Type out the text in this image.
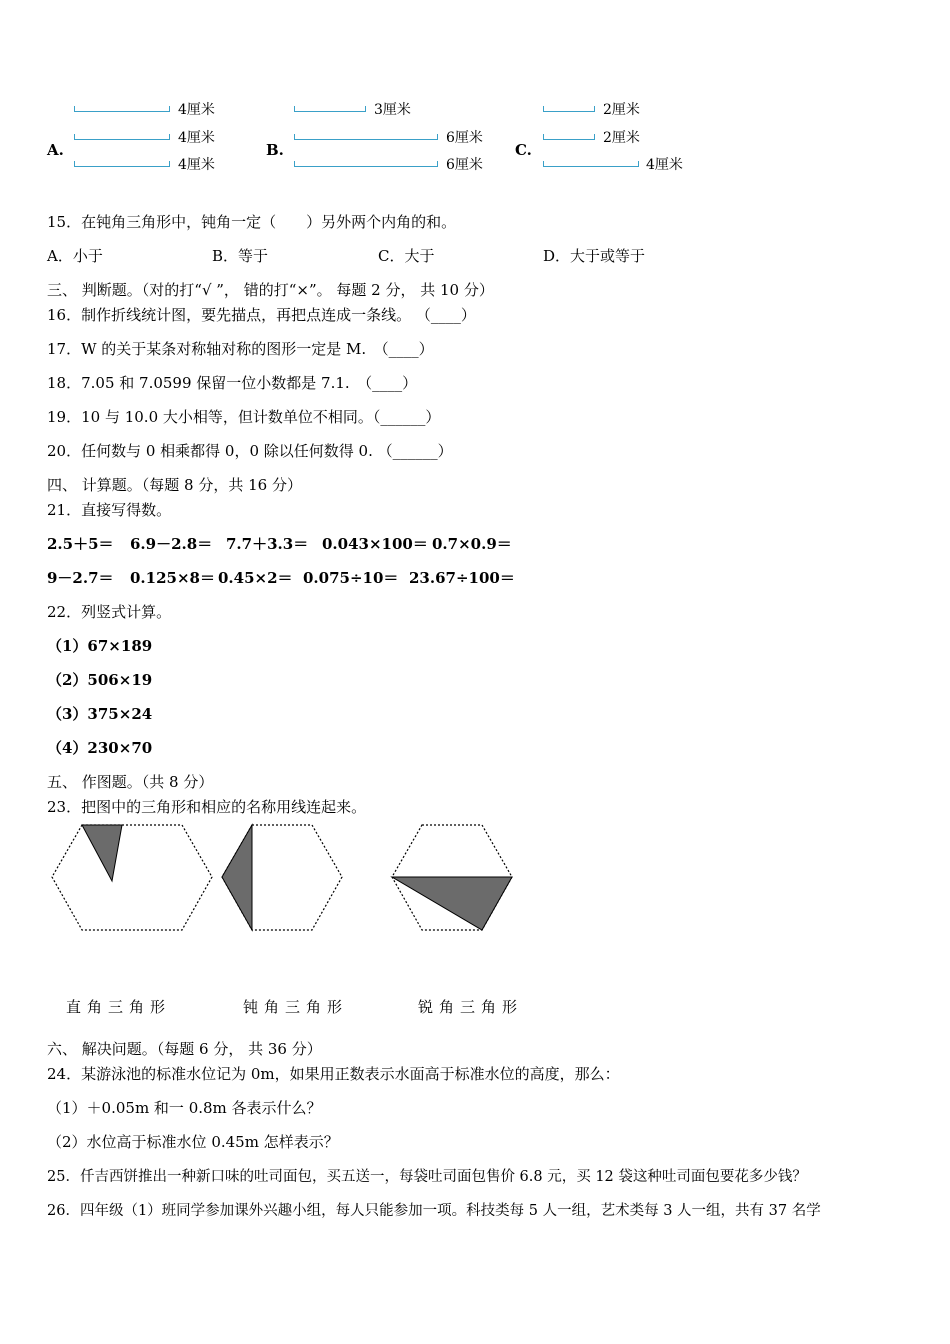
A.
4厘米
4厘米
4厘米
B.
3厘米
6厘米
6厘米
C.
2厘米
2厘米
4厘米
15．在钝角三角形中，钝角一定（　　）另外两个内角的和。
A．小于	B．等于	C．大于	D．大于或等于
三、 判断题。（对的打“√ ”， 错的打“×”。 每题 2 分， 共 10 分）
16．制作折线统计图，要先描点，再把点连成一条线。 （____）
17．W 的关于某条对称轴对称的图形一定是 M.　（____）
18．7.05 和 7.0599 保留一位小数都是 7.1.　（____）
19．10 与 10.0 大小相等，但计数单位不相同。（______）
20．任何数与 0 相乘都得 0，0 除以任何数得 0. （______）
四、 计算题。（每题 8 分，共 16 分）
21．直接写得数。
2.5＋5＝ 6.9－2.8＝ 7.7＋3.3＝ 0.043×100＝ 0.7×0.9＝
9－2.7＝ 0.125×8＝ 0.45×2＝ 0.075÷10＝ 23.67÷100＝
22．列竖式计算。
（1）67×189
（2）506×19
（3）375×24
（4）230×70
五、 作图题。（共 8 分）
23．把图中的三角形和相应的名称用线连起来。
直角三角形	钝角三角形	锐角三角形
六、 解决问题。（每题 6 分， 共 36 分）
24．某游泳池的标准水位记为 0m，如果用正数表示水面高于标准水位的高度，那么：
（1）＋0.05m 和一 0.8m 各表示什么？
（2）水位高于标准水位 0.45m 怎样表示？
25．仟吉西饼推出一种新口味的吐司面包，买五送一，每袋吐司面包售价 6.8 元，买 12 袋这种吐司面包要花多少钱？
26．四年级（1）班同学参加课外兴趣小组，每人只能参加一项。科技类每 5 人一组，艺术类每 3 人一组，共有 37 名学
